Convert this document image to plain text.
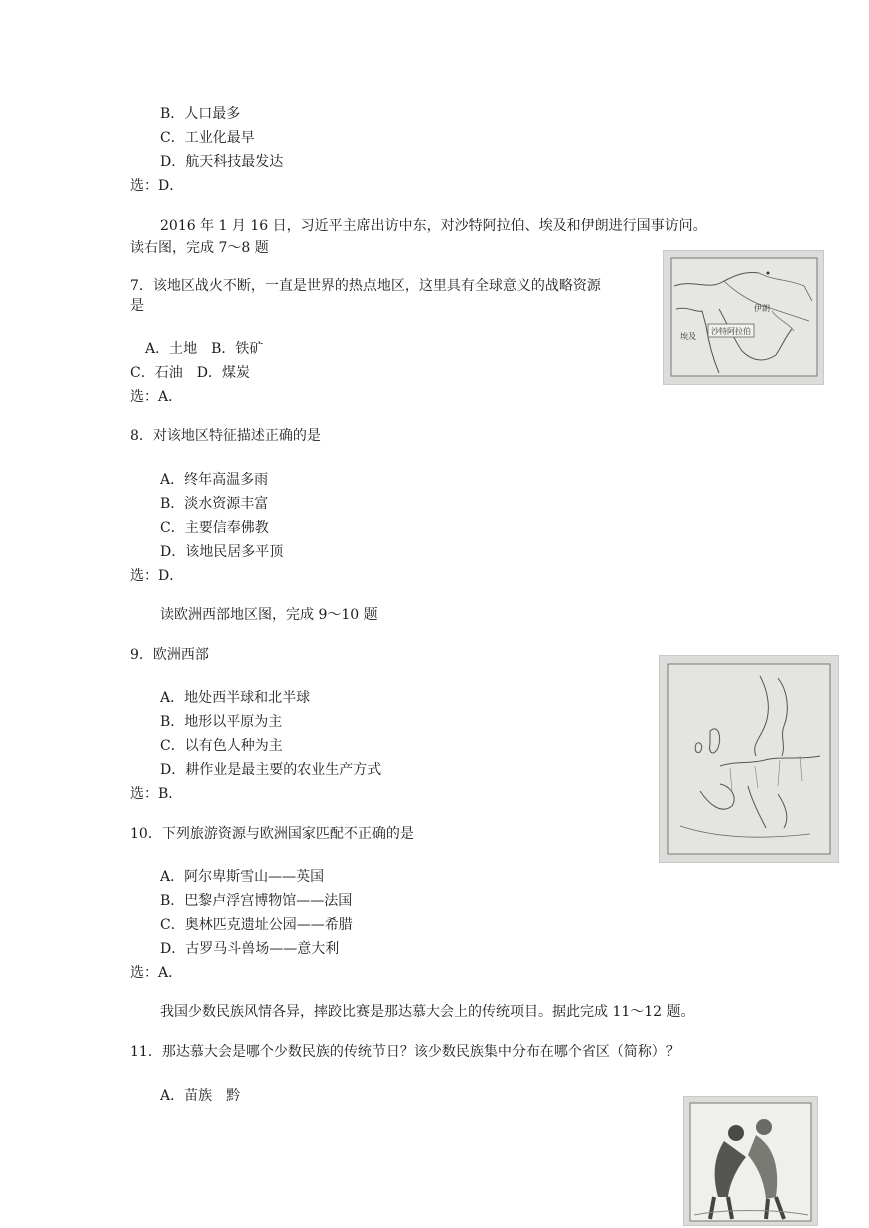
B．人口最多
C．工业化最早
D．航天科技最发达
选：D．
2016 年 1 月 16 日，习近平主席出访中东，对沙特阿拉伯、埃及和伊朗进行国事访问。
读右图，完成 7～8 题
7．该地区战火不断，一直是世界的热点地区，这里具有全球意义的战略资源
是
A．土地　B．铁矿
C．石油　D．煤炭
选：A．
沙特阿拉伯
伊朗
埃及
8．对该地区特征描述正确的是
A．终年高温多雨
B．淡水资源丰富
C．主要信奉佛教
D．该地民居多平顶
选：D．
读欧洲西部地区图，完成 9～10 题
9．欧洲西部
A．地处西半球和北半球
B．地形以平原为主
C．以有色人种为主
D．耕作业是最主要的农业生产方式
选：B．
10．下列旅游资源与欧洲国家匹配不正确的是
A．阿尔卑斯雪山——英国
B．巴黎卢浮宫博物馆——法国
C．奥林匹克遗址公园——希腊
D．古罗马斗兽场——意大利
选：A．
我国少数民族风情各异，摔跤比赛是那达慕大会上的传统项目。据此完成 11～12 题。
11．那达慕大会是哪个少数民族的传统节日？该少数民族集中分布在哪个省区（简称）？
A．苗族　黔
